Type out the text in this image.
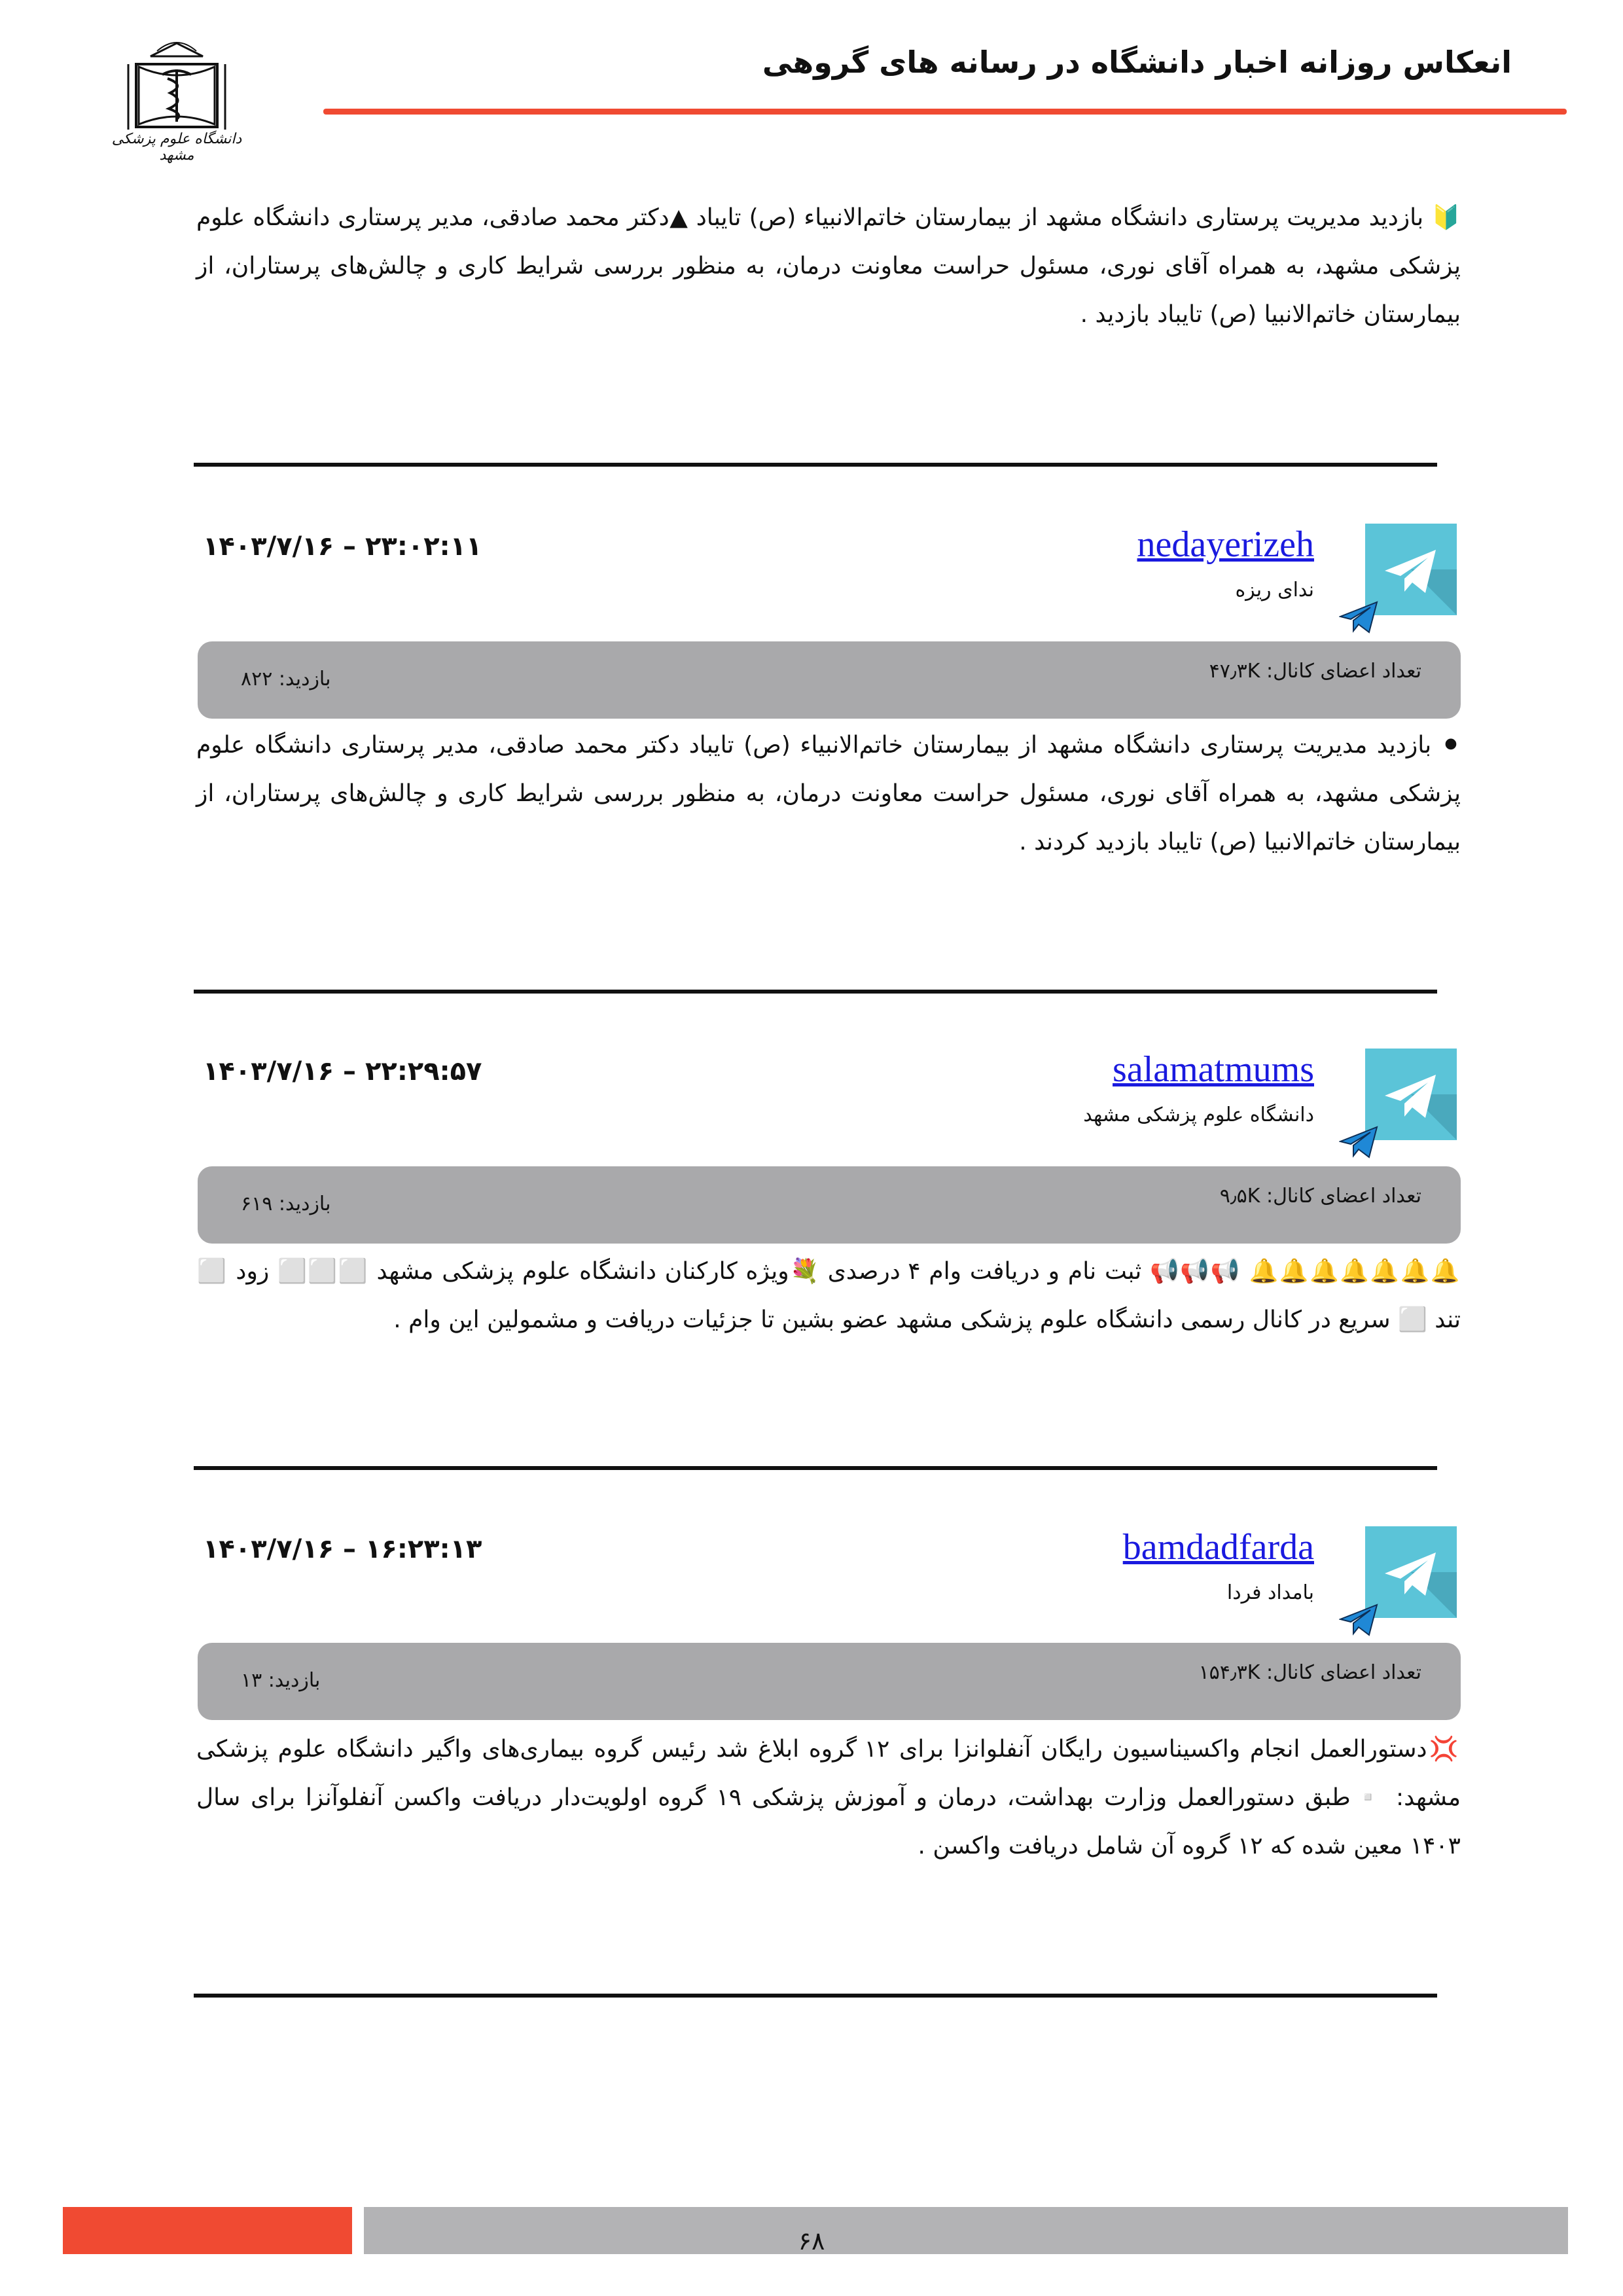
دانشگاه علوم پزشکی مشهد
انعکاس روزانه اخبار دانشگاه در رسانه های گروهی

🔰 بازدید مدیریت پرستاری دانشگاه مشهد از بیمارستان خاتم‌الانبیاء (ص) تایباد ▲دکتر محمد صادقی، مدیر پرستاری دانشگاه علوم پزشکی مشهد، به همراه آقای نوری، مسئول حراست معاونت درمان، به منظور بررسی شرایط کاری و چالش‌های پرستاران، از بیمارستان خاتم‌الانبیا (ص) تایباد بازدید .

nedayerizeh
ندای ریزه
۲۳:۰۲:۱۱ – ۱۴۰۳/۷/۱۶
تعداد اعضای کانال: ۴۷٫۳K
بازدید: ۸۲۲

⚫ بازدید مدیریت پرستاری دانشگاه مشهد از بیمارستان خاتم‌الانبیاء (ص) تایباد دکتر محمد صادقی، مدیر پرستاری دانشگاه علوم پزشکی مشهد، به همراه آقای نوری، مسئول حراست معاونت درمان، به منظور بررسی شرایط کاری و چالش‌های پرستاران، از بیمارستان خاتم‌الانبیا (ص) تایباد بازدید کردند .

salamatmums
دانشگاه علوم پزشکی مشهد
۲۲:۲۹:۵۷ – ۱۴۰۳/۷/۱۶
تعداد اعضای کانال: ۹٫۵K
بازدید: ۶۱۹

🔔🔔🔔🔔🔔🔔🔔 📢📢📢 ثبت نام و دریافت وام ۴ درصدی 💐ویژه کارکنان دانشگاه علوم پزشکی مشهد ⬜⬜⬜ زود ⬜ تند ⬜ سریع در کانال رسمی دانشگاه علوم پزشکی مشهد عضو بشین تا جزئیات دریافت و مشمولین این وام .

bamdadfarda
بامداد فردا
۱۶:۲۳:۱۳ – ۱۴۰۳/۷/۱۶
تعداد اعضای کانال: ۱۵۴٫۳K
بازدید: ۱۳

💢دستورالعمل انجام واکسیناسیون رایگان آنفلوانزا برای ۱۲ گروه ابلاغ شد رئیس گروه بیماری‌های واگیر دانشگاه علوم پزشکی مشهد: ▫️طبق دستورالعمل وزارت بهداشت، درمان و آموزش پزشکی ۱۹ گروه اولویت‌دار دریافت واکسن آنفلوآنزا برای سال ۱۴۰۳ معین شده که ۱۲ گروه آن شامل دریافت واکسن .

۶۸
